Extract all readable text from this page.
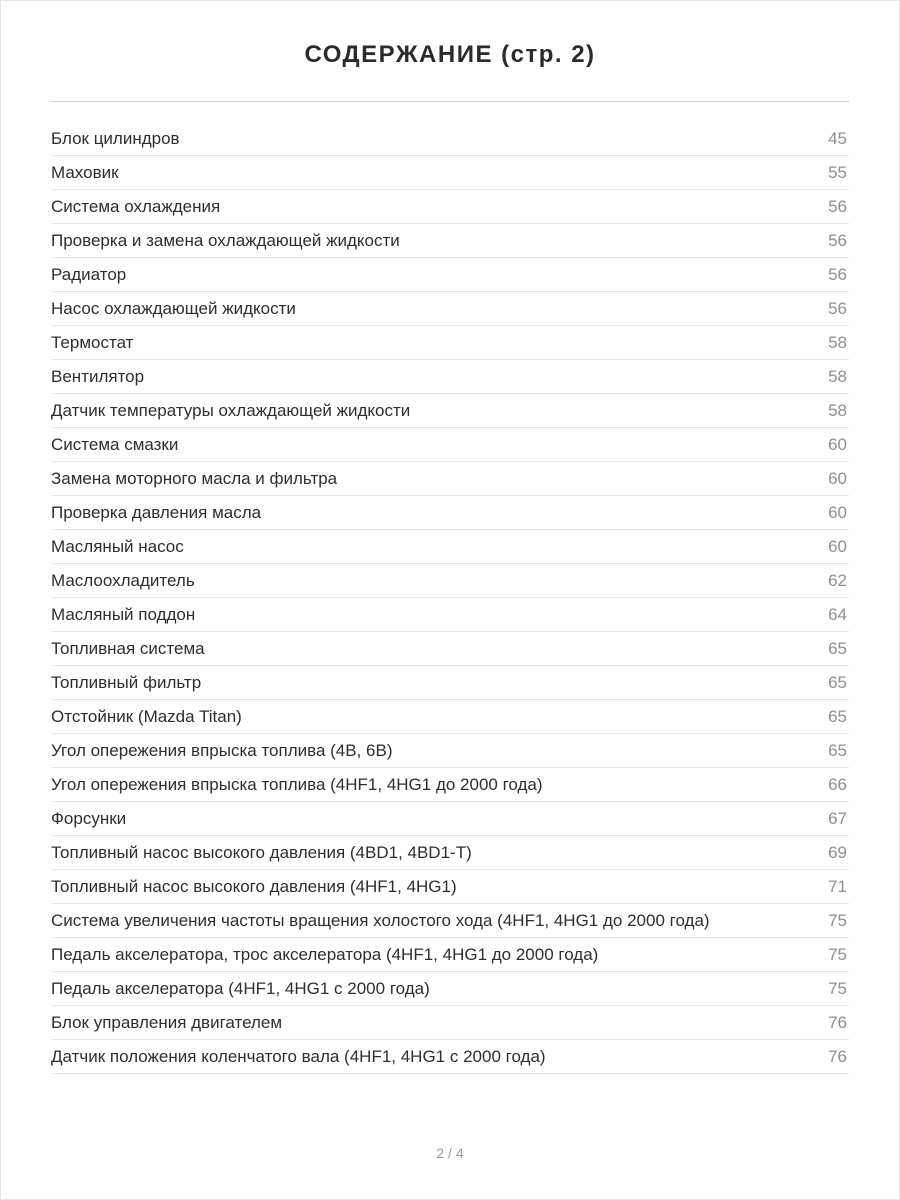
СОДЕРЖАНИЕ (стр. 2)
Блок цилиндров	45
Маховик	55
Система охлаждения	56
Проверка и замена охлаждающей жидкости	56
Радиатор	56
Насос охлаждающей жидкости	56
Термостат	58
Вентилятор	58
Датчик температуры охлаждающей жидкости	58
Система смазки	60
Замена моторного масла и фильтра	60
Проверка давления масла	60
Масляный насос	60
Маслоохладитель	62
Масляный поддон	64
Топливная система	65
Топливный фильтр	65
Отстойник (Mazda Titan)	65
Угол опережения впрыска топлива (4B, 6B)	65
Угол опережения впрыска топлива (4HF1, 4HG1 до 2000 года)	66
Форсунки	67
Топливный насос высокого давления (4BD1, 4BD1-T)	69
Топливный насос высокого давления (4HF1, 4HG1)	71
Система увеличения частоты вращения холостого хода (4HF1, 4HG1 до 2000 года)	75
Педаль акселератора, трос акселератора (4HF1, 4HG1 до 2000 года)	75
Педаль акселератора (4HF1, 4HG1 с 2000 года)	75
Блок управления двигателем	76
Датчик положения коленчатого вала (4HF1, 4HG1 с 2000 года)	76
2 / 4
